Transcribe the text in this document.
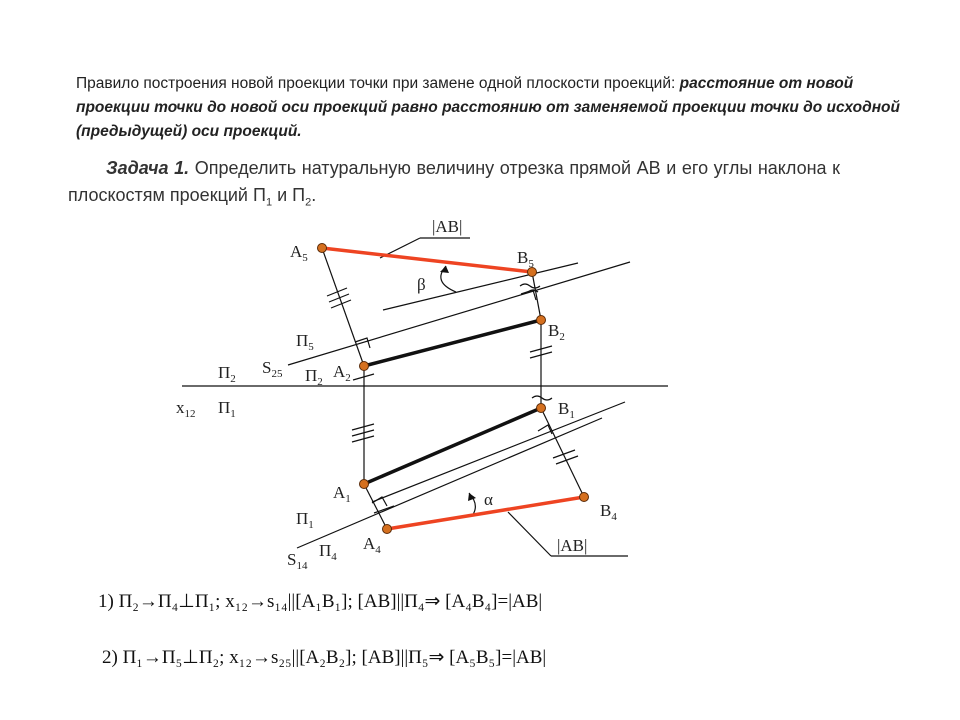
Правило построения новой проекции точки при замене одной плоскости проекций: расстояние от новой проекции точки до новой оси проекций равно расстоянию от заменяемой проекции точки до исходной (предыдущей) оси проекций.
Задача 1. Определить натуральную величину отрезка прямой АВ и его углы наклона к плоскостям проекций $П_1$ и $П_2$.
|AB|
$A_5$	$B_5$
β
$B_2$
$П_5$
$S_{25}$
$П_2$	$П_2$
$A_2$
$x_{12}$ $П_1$	$B_1$
$A_1$	α
$B_4$
$П_1$
$A_4$	|AB|
$П_4$
$S_{14}$
1) П₂→П₄⊥П₁; x₁₂→s₁₄||[A₁B₁]; [AB]||П₄⇒ [A₄B₄]=|AB|
2) П₁→П₅⊥П₂; x₁₂→s₂₅||[A₂B₂]; [AB]||П₅⇒ [A₅B₅]=|AB|
